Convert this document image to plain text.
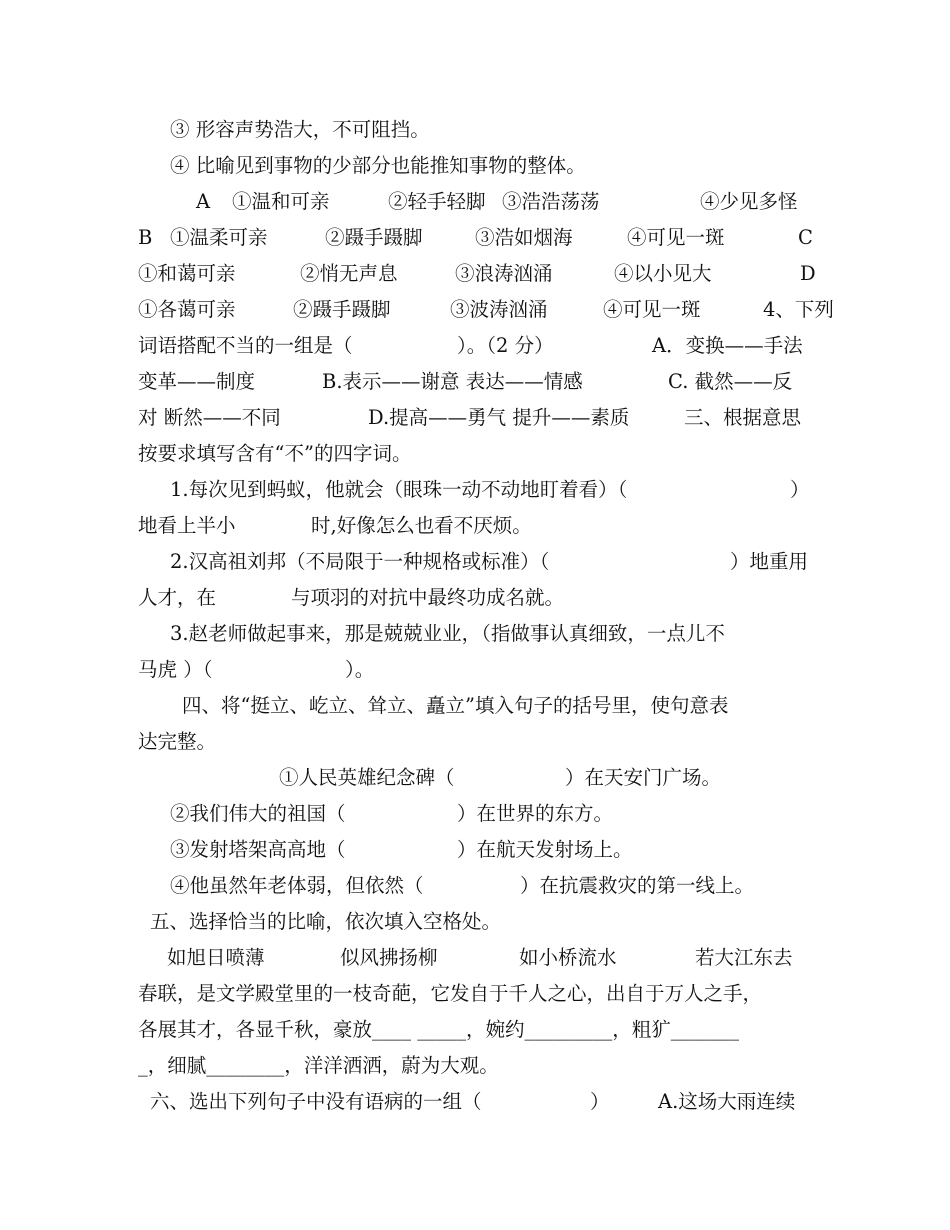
③ 形容声势浩大，不可阻挡。
④ 比喻见到事物的少部分也能推知事物的整体。
A ①温和可亲	②轻手轻脚 ③浩浩荡荡	④少见多怪
B ①温柔可亲	②蹑手蹑脚	③浩如烟海	④可见一斑	C
①和蔼可亲	②悄无声息	③浪涛汹涌	④以小见大	D
①各蔼可亲	②蹑手蹑脚	③波涛汹涌	④可见一斑	4、下列
词语搭配不当的一组是（	）。（2 分）	A．变换——手法
变革——制度	B.表示——谢意 表达——情感	C. 截然——反
对 断然——不同	D.提高——勇气 提升——素质	三、根据意思
按要求填写含有“不”的四字词。
1.每次见到蚂蚁，他就会（眼珠一动不动地盯着看）（	）
地看上半小	时,好像怎么也看不厌烦。
2.汉高祖刘邦（不局限于一种规格或标准）（	）地重用
人才，在	与项羽的对抗中最终功成名就。
3.赵老师做起事来，那是兢兢业业，（指做事认真细致，一点儿不
马虎 ）（	）。
四、将“挺立、屹立、耸立、矗立”填入句子的括号里，使句意表
达完整。
①人民英雄纪念碑（	）在天安门广场。
②我们伟大的祖国（	）在世界的东方。
③发射塔架高高地（	）在航天发射场上。
④他虽然年老体弱，但依然（	）在抗震救灾的第一线上。
五、选择恰当的比喻，依次填入空格处。
如旭日喷薄	似风拂扬柳	如小桥流水	若大江东去
春联，是文学殿堂里的一枝奇葩，它发自于千人之心，出自于万人之手，
各展其才，各显千秋，豪放____ _____，婉约_________，粗犷_______
_，细腻________，洋洋洒洒，蔚为大观。
六、选出下列句子中没有语病的一组（	） A.这场大雨连续
